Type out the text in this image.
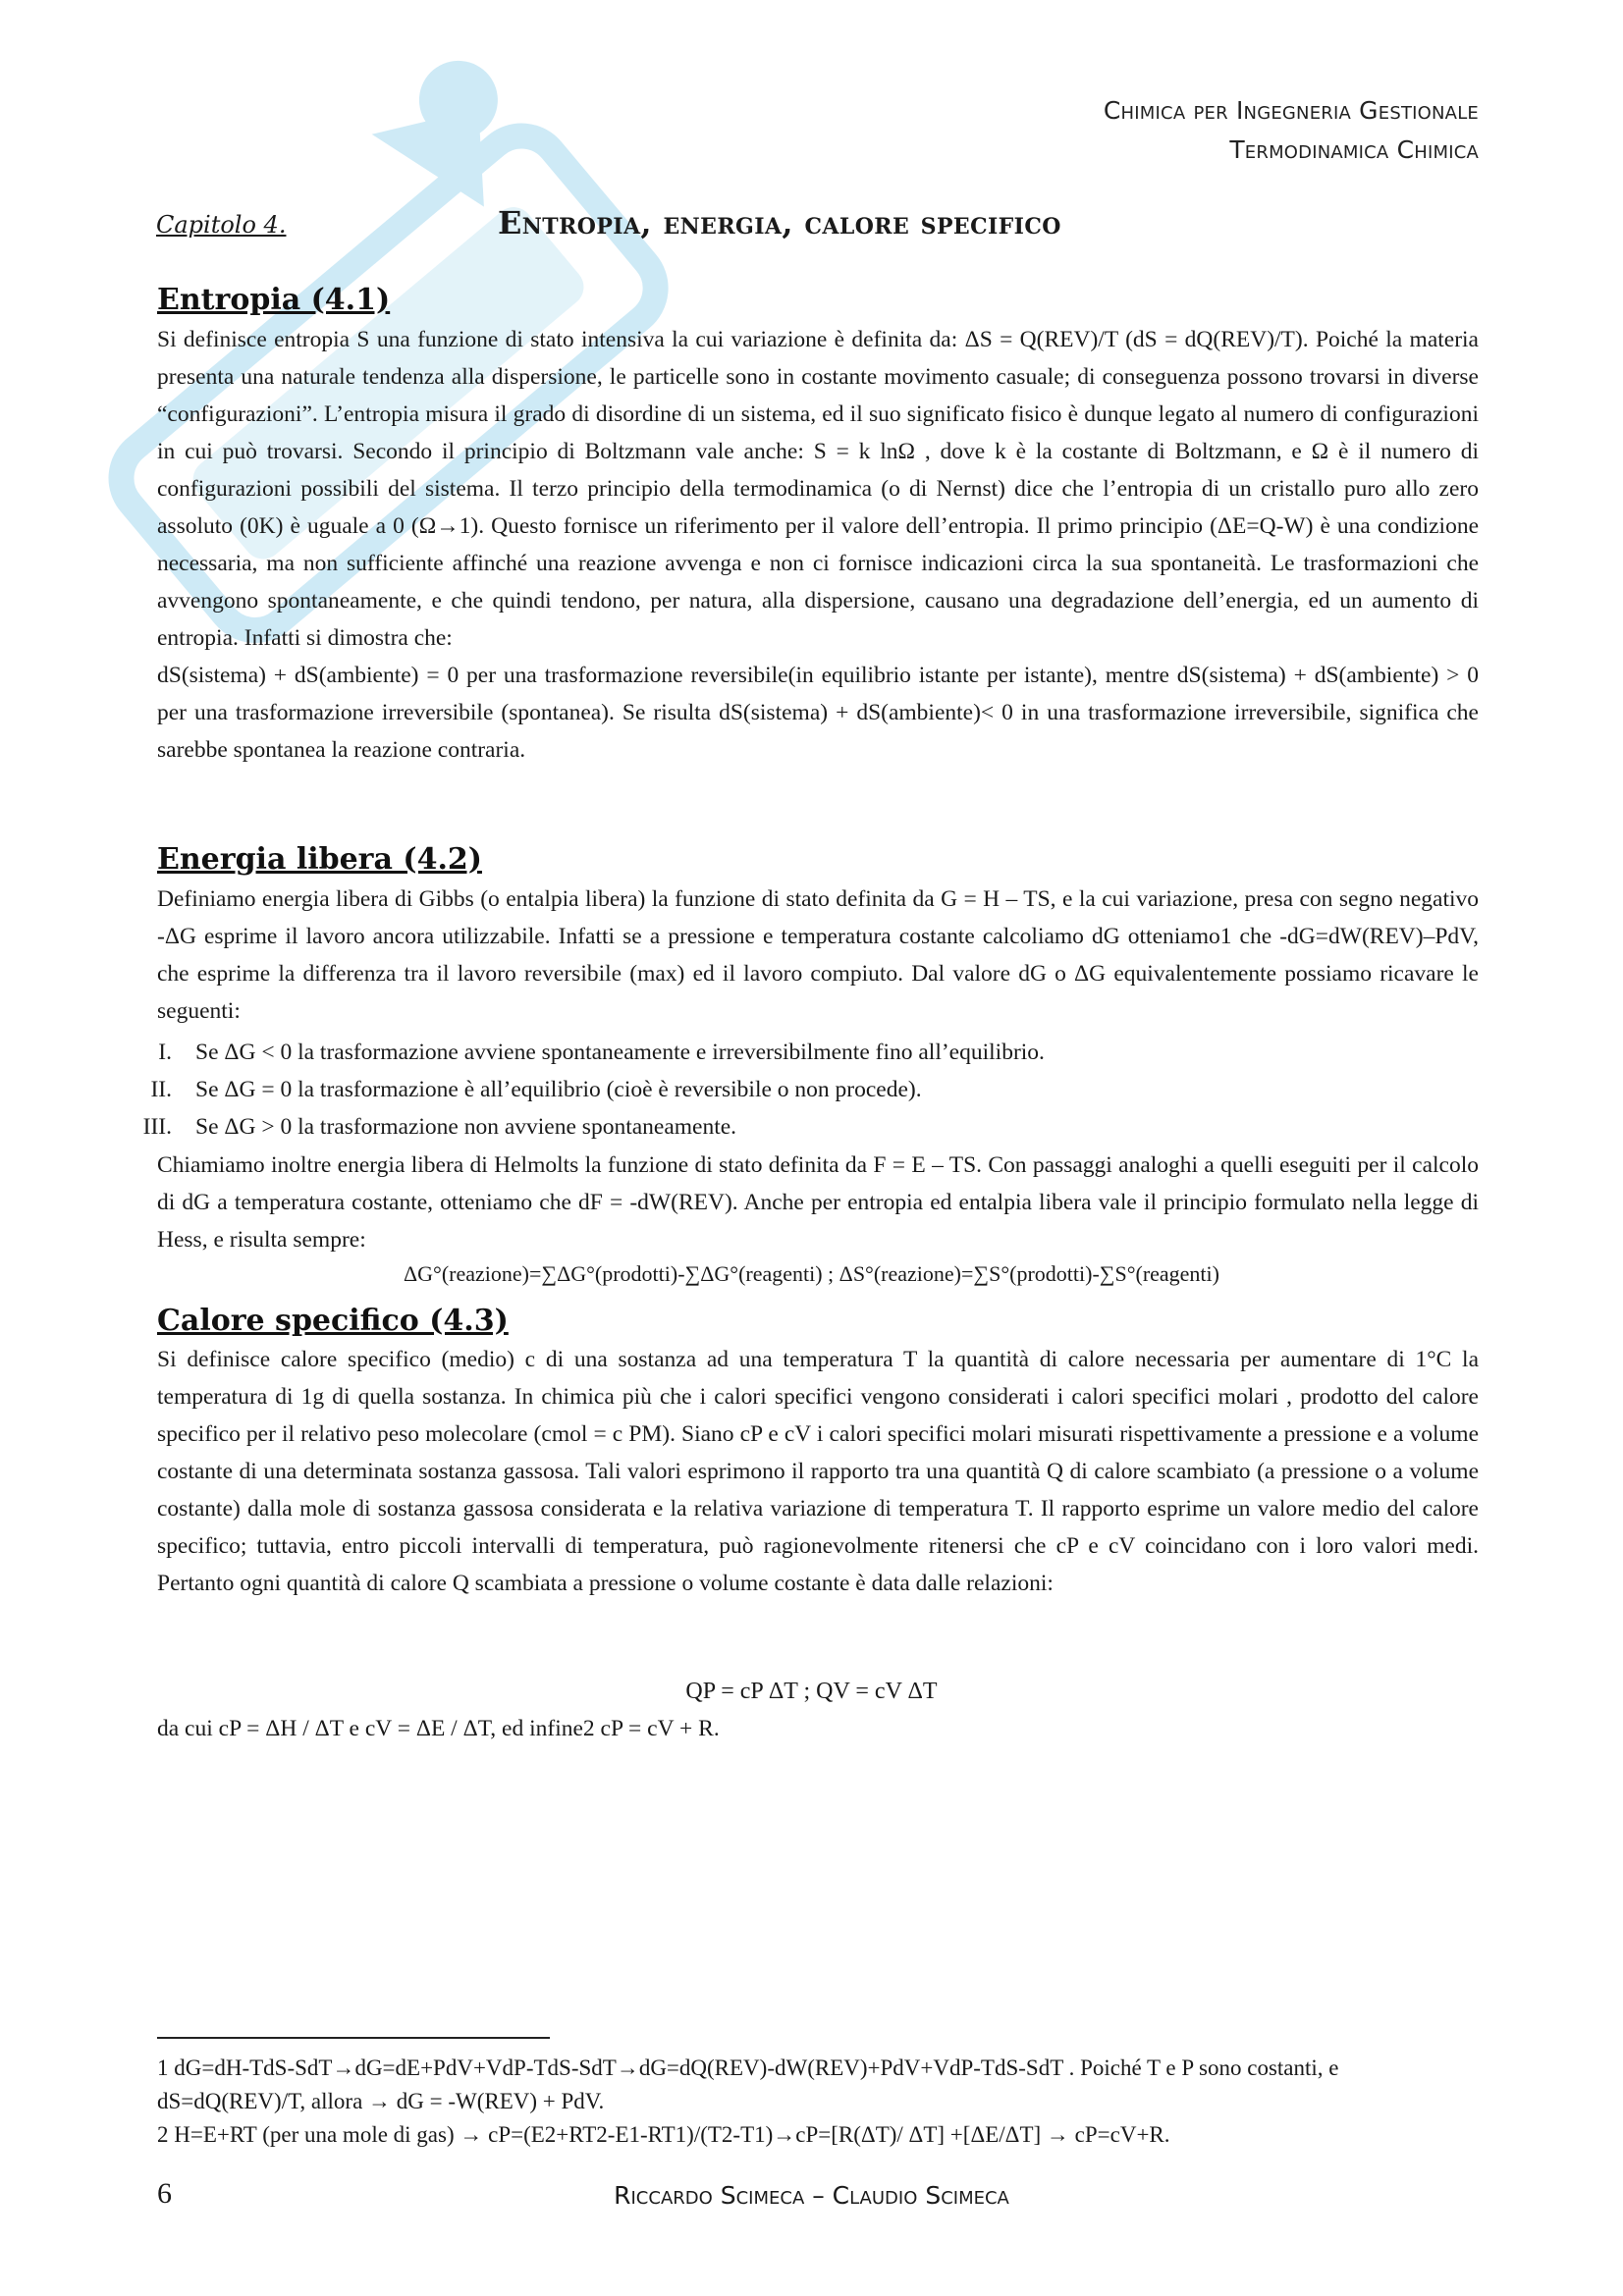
Chimica per Ingegneria Gestionale
Termodinamica Chimica
Capitolo 4.	Entropia, energia, calore specifico
Entropia (4.1)
Si definisce entropia S una funzione di stato intensiva la cui variazione è definita da: ΔS = Q(REV)/T (dS = dQ(REV)/T). Poiché la materia presenta una naturale tendenza alla dispersione, le particelle sono in costante movimento casuale; di conseguenza possono trovarsi in diverse “configurazioni”. L’entropia misura il grado di disordine di un sistema, ed il suo significato fisico è dunque legato al numero di configurazioni in cui può trovarsi. Secondo il principio di Boltzmann vale anche: S = k lnΩ , dove k è la costante di Boltzmann, e Ω è il numero di configurazioni possibili del sistema. Il terzo principio della termodinamica (o di Nernst) dice che l’entropia di un cristallo puro allo zero assoluto (0K) è uguale a 0 (Ω→1). Questo fornisce un riferimento per il valore dell’entropia. Il primo principio (ΔE=Q-W) è una condizione necessaria, ma non sufficiente affinché una reazione avvenga e non ci fornisce indicazioni circa la sua spontaneità. Le trasformazioni che avvengono spontaneamente, e che quindi tendono, per natura, alla dispersione, causano una degradazione dell’energia, ed un aumento di entropia. Infatti si dimostra che:
dS(sistema) + dS(ambiente) = 0 per una trasformazione reversibile(in equilibrio istante per istante), mentre dS(sistema) + dS(ambiente) > 0 per una trasformazione irreversibile (spontanea). Se risulta dS(sistema) + dS(ambiente)< 0 in una trasformazione irreversibile, significa che sarebbe spontanea la reazione contraria.
Energia libera (4.2)
Definiamo energia libera di Gibbs (o entalpia libera) la funzione di stato definita da G = H – TS, e la cui variazione, presa con segno negativo -ΔG esprime il lavoro ancora utilizzabile. Infatti se a pressione e temperatura costante calcoliamo dG otteniamo1 che -dG=dW(REV)–PdV, che esprime la differenza tra il lavoro reversibile (max) ed il lavoro compiuto. Dal valore dG o ΔG equivalentemente possiamo ricavare le seguenti:
I.	Se ΔG < 0 la trasformazione avviene spontaneamente e irreversibilmente fino all’equilibrio.
II.	Se ΔG = 0 la trasformazione è all’equilibrio (cioè è reversibile o non procede).
III.	Se ΔG > 0 la trasformazione non avviene spontaneamente.
Chiamiamo inoltre energia libera di Helmolts la funzione di stato definita da F = E – TS. Con passaggi analoghi a quelli eseguiti per il calcolo di dG a temperatura costante, otteniamo che dF = -dW(REV). Anche per entropia ed entalpia libera vale il principio formulato nella legge di Hess, e risulta sempre:
ΔG°(reazione)=∑ΔG°(prodotti)-∑ΔG°(reagenti) ; ΔS°(reazione)=∑S°(prodotti)-∑S°(reagenti)
Calore specifico (4.3)
Si definisce calore specifico (medio) c di una sostanza ad una temperatura T la quantità di calore necessaria per aumentare di 1°C la temperatura di 1g di quella sostanza. In chimica più che i calori specifici vengono considerati i calori specifici molari , prodotto del calore specifico per il relativo peso molecolare (cmol = c PM). Siano cP e cV i calori specifici molari misurati rispettivamente a pressione e a volume costante di una determinata sostanza gassosa. Tali valori esprimono il rapporto tra una quantità Q di calore scambiato (a pressione o a volume costante) dalla mole di sostanza gassosa considerata e la relativa variazione di temperatura T. Il rapporto esprime un valore medio del calore specifico; tuttavia, entro piccoli intervalli di temperatura, può ragionevolmente ritenersi che cP e cV coincidano con i loro valori medi. Pertanto ogni quantità di calore Q scambiata a pressione o volume costante è data dalle relazioni:
QP = cP ΔT ; QV = cV ΔT
da cui cP = ΔH / ΔT e cV = ΔE / ΔT, ed infine2 cP = cV + R.
1 dG=dH-TdS-SdT→dG=dE+PdV+VdP-TdS-SdT→dG=dQ(REV)-dW(REV)+PdV+VdP-TdS-SdT . Poiché T e P sono costanti, e dS=dQ(REV)/T, allora → dG = -W(REV) + PdV.
2 H=E+RT (per una mole di gas) → cP=(E2+RT2-E1-RT1)/(T2-T1)→cP=[R(ΔT)/ ΔT] +[ΔE/ΔT] → cP=cV+R.
6	Riccardo Scimeca – Claudio Scimeca
